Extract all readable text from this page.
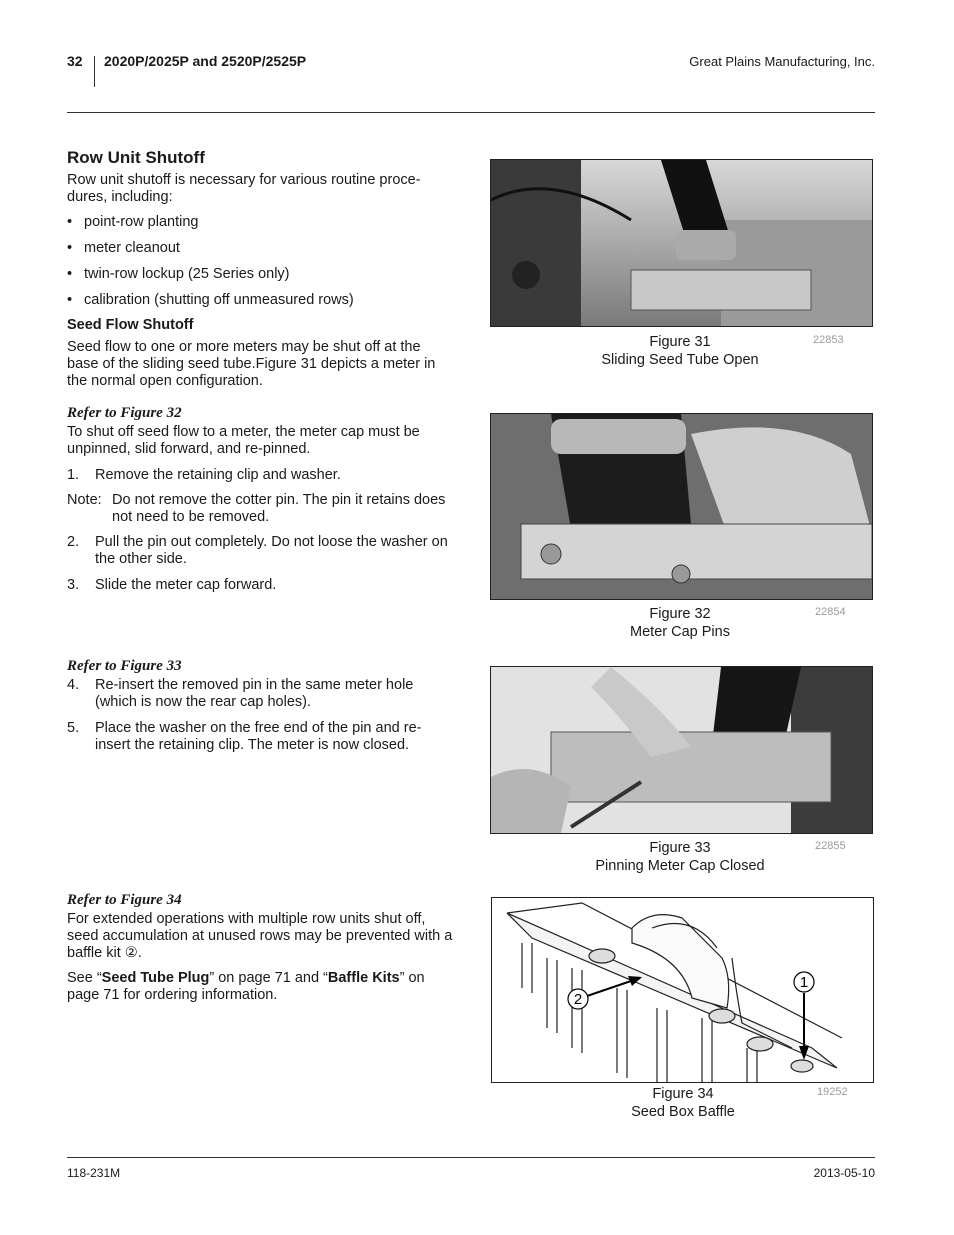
32 2020P/2025P and 2520P/2525P	Great Plains Manufacturing, Inc.

Row Unit Shutoff

Row unit shutoff is necessary for various routine proce-dures, including:

• point-row planting

• meter cleanout

• twin-row lockup (25 Series only)

• calibration (shutting off unmeasured rows)

Seed Flow Shutoff

Seed flow to one or more meters may be shut off at the base of the sliding seed tube.Figure 31 depicts a meter in the normal open configuration.

Refer to Figure 32

To shut off seed flow to a meter, the meter cap must be unpinned, slid forward, and re-pinned.

1. Remove the retaining clip and washer.

Note: Do not remove the cotter pin. The pin it retains does not need to be removed.

2. Pull the pin out completely. Do not loose the washer on the other side.

3. Slide the meter cap forward.

Refer to Figure 33

4. Re-insert the removed pin in the same meter hole (which is now the rear cap holes).

5. Place the washer on the free end of the pin and re-insert the retaining clip. The meter is now closed.

Refer to Figure 34

For extended operations with multiple row units shut off, seed accumulation at unused rows may be prevented with a baffle kit ②.

See “Seed Tube Plug” on page 71 and “Baffle Kits” on page 71 for ordering information.

Figure 31
Sliding Seed Tube Open
22853
Figure 32
Meter Cap Pins
22854
Figure 33
Pinning Meter Cap Closed
22855
2
1
Figure 34
Seed Box Baffle
19252
118-231M	2013-05-10
